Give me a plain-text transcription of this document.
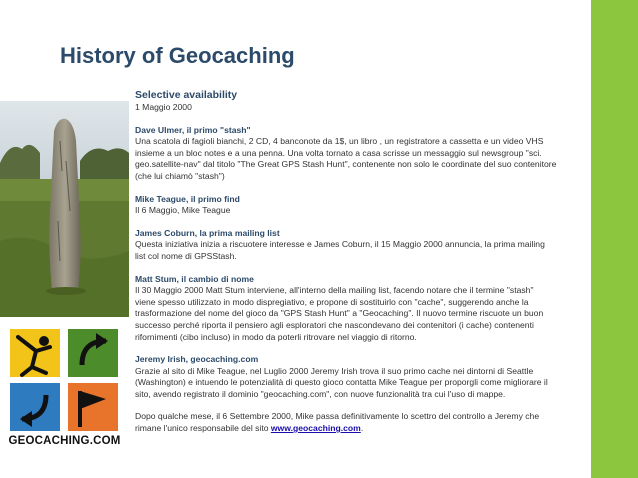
History of Geocaching
GEOCACHING.COM

Selective availability

1 Maggio 2000

Dave Ulmer, il primo "stash"

Una scatola di fagioli bianchi, 2 CD, 4 banconote da 1$, un libro , un registratore a cassetta e un video VHS

insieme a un bloc notes e a una penna. Una volta tornato a casa scrisse un messaggio sul newsgroup "sci.

geo.satellite-nav" dal titolo "The Great GPS Stash Hunt", contenente non solo le coordinate del suo contenitore

(che lui chiamò "stash")

Mike Teague, il primo find

Il 6 Maggio, Mike Teague

James Coburn, la prima mailing list

Questa iniziativa inizia a riscuotere interesse e James Coburn, il 15 Maggio 2000 annuncia, la prima mailing

list col nome di GPSStash.

Matt Stum, il cambio di nome

Il 30 Maggio 2000 Matt Stum interviene, all'interno della mailing list, facendo notare che il termine "stash"

viene spesso utilizzato in modo dispregiativo, e propone di sostituirlo con "cache", suggerendo anche la

trasformazione del nome del gioco da "GPS Stash Hunt" a "Geocaching". Il nuovo termine riscuote un buon

successo perché riporta il pensiero agli esploratori che nascondevano dei contenitori (i cache) contenenti

rifornimenti (cibo incluso) in modo da poterli ritrovare nel viaggio di ritorno.

Jeremy Irish, geocaching.com

Grazie al sito di Mike Teague, nel Luglio 2000 Jeremy Irish trova il suo primo cache nei dintorni di Seattle

(Washington) e intuendo le potenzialità di questo gioco contatta Mike Teague per proporgli come migliorare il

sito, avendo registrato il dominio "geocaching.com", con nuove funzionalità tra cui l'uso di mappe.

Dopo qualche mese, il 6 Settembre 2000, Mike passa definitivamente lo scettro del controllo a Jeremy che

rimane l'unico responsabile del sito www.geocaching.com.
